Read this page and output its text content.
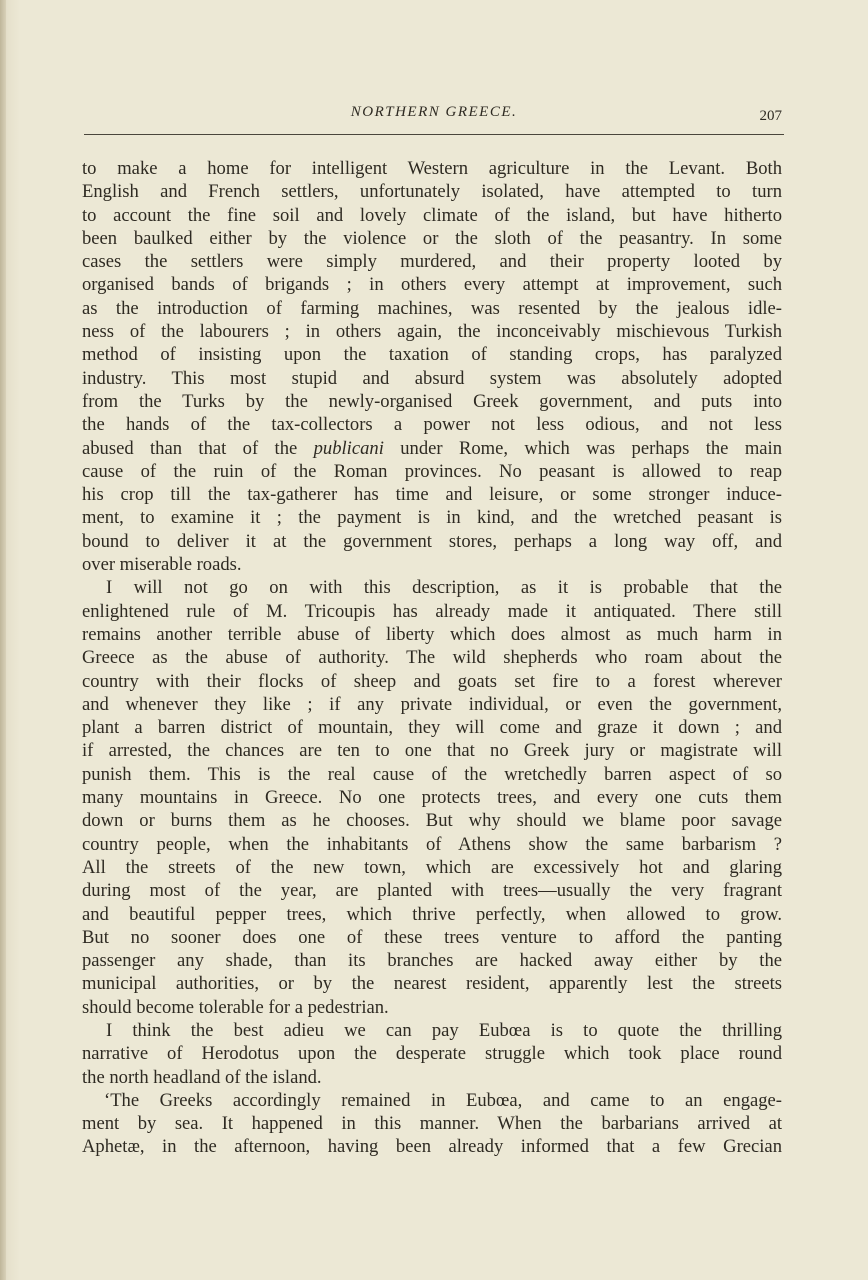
NORTHERN GREECE.	207
to make a home for intelligent Western agriculture in the Levant. Both
English and French settlers, unfortunately isolated, have attempted to turn
to account the fine soil and lovely climate of the island, but have hitherto
been baulked either by the violence or the sloth of the peasantry. In some
cases the settlers were simply murdered, and their property looted by
organised bands of brigands ; in others every attempt at improvement, such
as the introduction of farming machines, was resented by the jealous idle-
ness of the labourers ; in others again, the inconceivably mischievous Turkish
method of insisting upon the taxation of standing crops, has paralyzed
industry. This most stupid and absurd system was absolutely adopted
from the Turks by the newly-organised Greek government, and puts into
the hands of the tax-collectors a power not less odious, and not less
abused than that of the publicani under Rome, which was perhaps the main
cause of the ruin of the Roman provinces. No peasant is allowed to reap
his crop till the tax-gatherer has time and leisure, or some stronger induce-
ment, to examine it ; the payment is in kind, and the wretched peasant is
bound to deliver it at the government stores, perhaps a long way off, and
over miserable roads.
I will not go on with this description, as it is probable that the
enlightened rule of M. Tricoupis has already made it antiquated. There still
remains another terrible abuse of liberty which does almost as much harm in
Greece as the abuse of authority. The wild shepherds who roam about the
country with their flocks of sheep and goats set fire to a forest wherever
and whenever they like ; if any private individual, or even the government,
plant a barren district of mountain, they will come and graze it down ; and
if arrested, the chances are ten to one that no Greek jury or magistrate will
punish them. This is the real cause of the wretchedly barren aspect of so
many mountains in Greece. No one protects trees, and every one cuts them
down or burns them as he chooses. But why should we blame poor savage
country people, when the inhabitants of Athens show the same barbarism ?
All the streets of the new town, which are excessively hot and glaring
during most of the year, are planted with trees—usually the very fragrant
and beautiful pepper trees, which thrive perfectly, when allowed to grow.
But no sooner does one of these trees venture to afford the panting
passenger any shade, than its branches are hacked away either by the
municipal authorities, or by the nearest resident, apparently lest the streets
should become tolerable for a pedestrian.
I think the best adieu we can pay Eubœa is to quote the thrilling
narrative of Herodotus upon the desperate struggle which took place round
the north headland of the island.
‘The Greeks accordingly remained in Eubœa, and came to an engage-
ment by sea. It happened in this manner. When the barbarians arrived at
Aphetæ, in the afternoon, having been already informed that a few Grecian
